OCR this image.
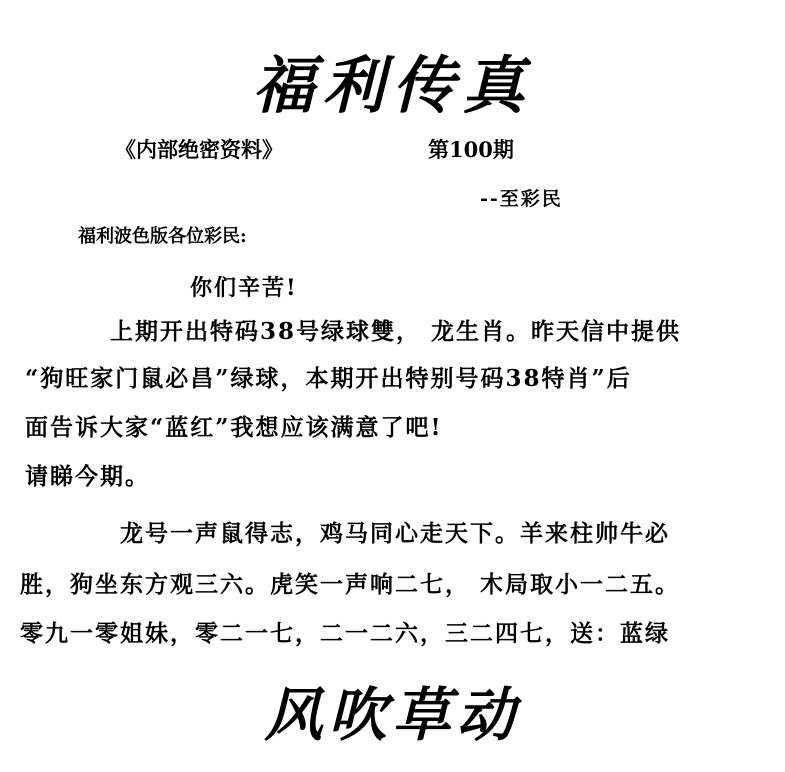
福利传真
《内部绝密资料》	第100期
--至彩民
福利波色版各位彩民:
你们辛苦!
上期开出特码38号绿球雙， 龙生肖。昨天信中提供
“狗旺家门鼠必昌”绿球，本期开出特别号码38特肖”后
面告诉大家“蓝红”我想应该满意了吧!
请睇今期。
龙号一声鼠得志，鸡马同心走天下。羊来柱帅牛必
胜，狗坐东方观三六。虎笑一声响二七， 木局取小一二五。
零九一零姐妹，零二一七，二一二六，三二四七，送：蓝绿
风吹草动
